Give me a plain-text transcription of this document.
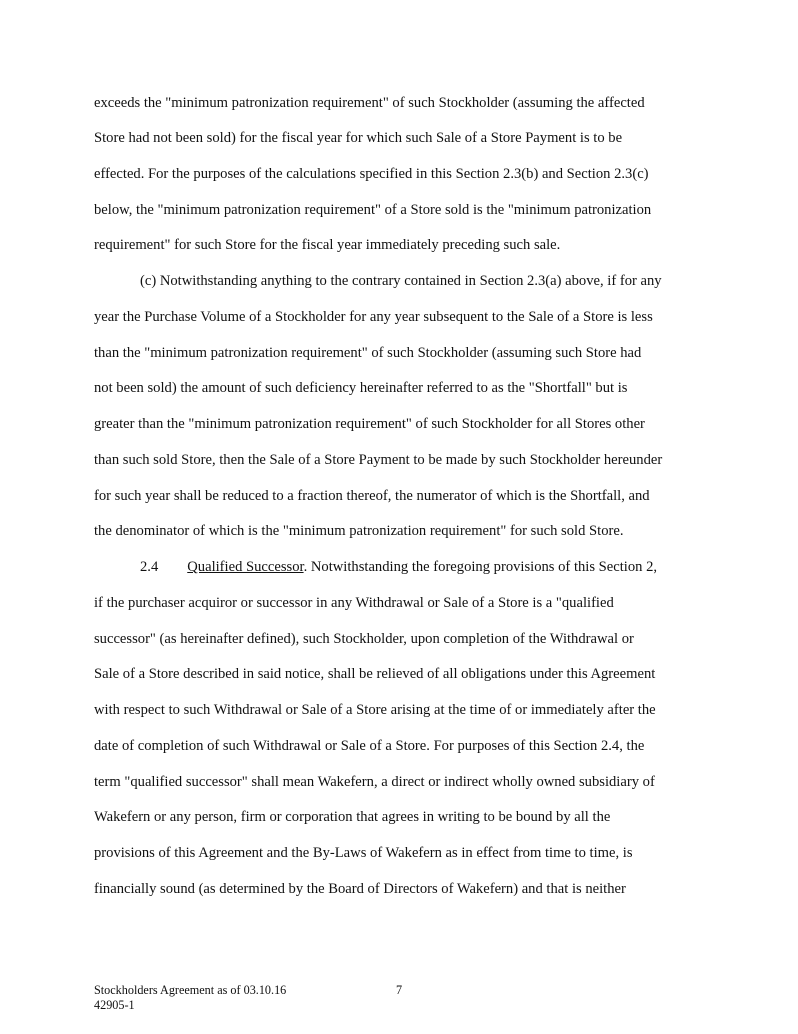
exceeds the "minimum patronization requirement" of such Stockholder (assuming the affected

Store had not been sold) for the fiscal year for which such Sale of a Store Payment is to be

effected. For the purposes of the calculations specified in this Section 2.3(b) and Section 2.3(c)

below, the "minimum patronization requirement" of a Store sold is the "minimum patronization

requirement" for such Store for the fiscal year immediately preceding such sale.

(c) Notwithstanding anything to the contrary contained in Section 2.3(a) above, if for any

year the Purchase Volume of a Stockholder for any year subsequent to the Sale of a Store is less

than the "minimum patronization requirement" of such Stockholder (assuming such Store had

not been sold) the amount of such deficiency hereinafter referred to as the "Shortfall" but is

greater than the "minimum patronization requirement" of such Stockholder for all Stores other

than such sold Store, then the Sale of a Store Payment to be made by such Stockholder hereunder

for such year shall be reduced to a fraction thereof, the numerator of which is the Shortfall, and

the denominator of which is the "minimum patronization requirement" for such sold Store.

2.4 Qualified Successor. Notwithstanding the foregoing provisions of this Section 2,

if the purchaser acquiror or successor in any Withdrawal or Sale of a Store is a "qualified

successor" (as hereinafter defined), such Stockholder, upon completion of the Withdrawal or

Sale of a Store described in said notice, shall be relieved of all obligations under this Agreement

with respect to such Withdrawal or Sale of a Store arising at the time of or immediately after the

date of completion of such Withdrawal or Sale of a Store. For purposes of this Section 2.4, the

term "qualified successor" shall mean Wakefern, a direct or indirect wholly owned subsidiary of

Wakefern or any person, firm or corporation that agrees in writing to be bound by all the

provisions of this Agreement and the By-Laws of Wakefern as in effect from time to time, is

financially sound (as determined by the Board of Directors of Wakefern) and that is neither

Stockholders Agreement as of 03.10.16	7
42905-1
